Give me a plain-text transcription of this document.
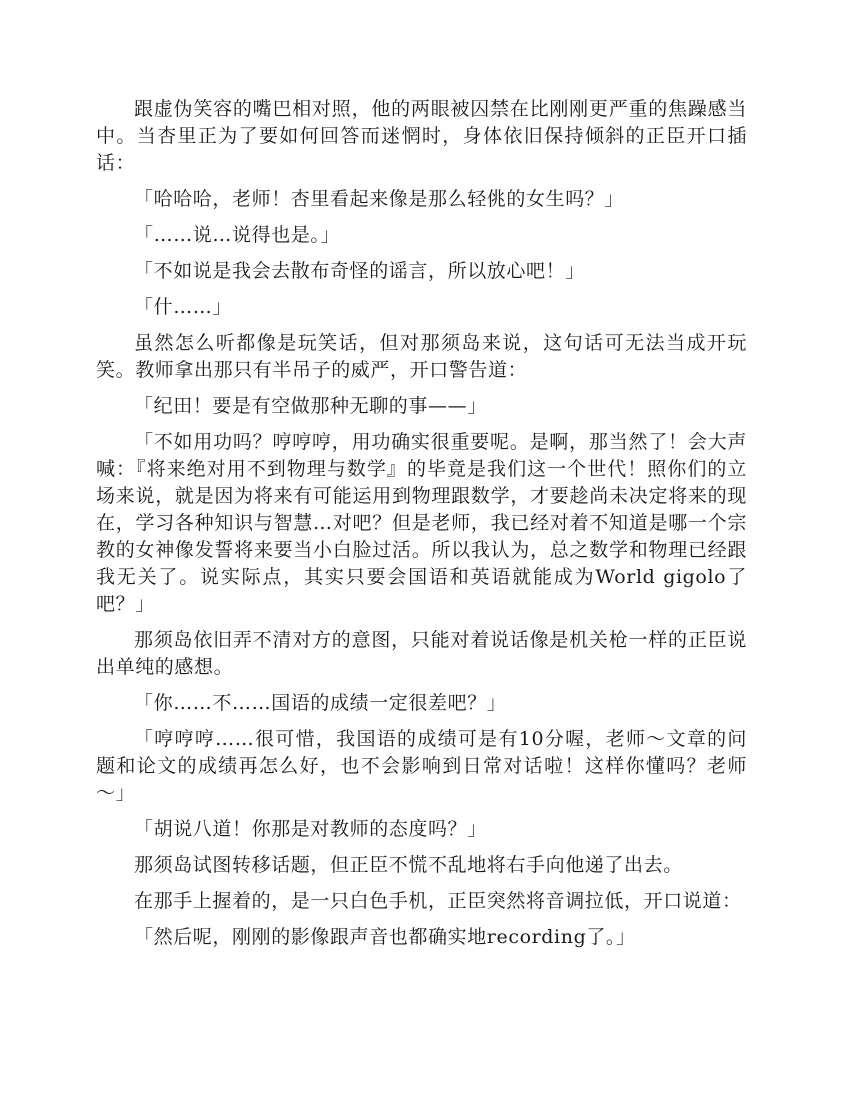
跟虚伪笑容的嘴巴相对照，他的两眼被囚禁在比刚刚更严重的焦躁感当中。当杏里正为了要如何回答而迷惘时，身体依旧保持倾斜的正臣开口插话：

「哈哈哈，老师！杏里看起来像是那么轻佻的女生吗？」

「……说…说得也是。」

「不如说是我会去散布奇怪的谣言，所以放心吧！」

「什……」

虽然怎么听都像是玩笑话，但对那须岛来说，这句话可无法当成开玩笑。教师拿出那只有半吊子的威严，开口警告道：

「纪田！要是有空做那种无聊的事——」

「不如用功吗？哼哼哼，用功确实很重要呢。是啊，那当然了！会大声喊：『将来绝对用不到物理与数学』的毕竟是我们这一个世代！照你们的立场来说，就是因为将来有可能运用到物理跟数学，才要趁尚未决定将来的现在，学习各种知识与智慧…对吧？但是老师，我已经对着不知道是哪一个宗教的女神像发誓将来要当小白脸过活。所以我认为，总之数学和物理已经跟我无关了。说实际点，其实只要会国语和英语就能成为World gigolo了吧？」

那须岛依旧弄不清对方的意图，只能对着说话像是机关枪一样的正臣说出单纯的感想。

「你……不……国语的成绩一定很差吧？」

「哼哼哼……很可惜，我国语的成绩可是有10分喔，老师～文章的问题和论文的成绩再怎么好，也不会影响到日常对话啦！这样你懂吗？老师～」

「胡说八道！你那是对教师的态度吗？」

那须岛试图转移话题，但正臣不慌不乱地将右手向他递了出去。

在那手上握着的，是一只白色手机，正臣突然将音调拉低，开口说道：

「然后呢，刚刚的影像跟声音也都确实地recording了。」
